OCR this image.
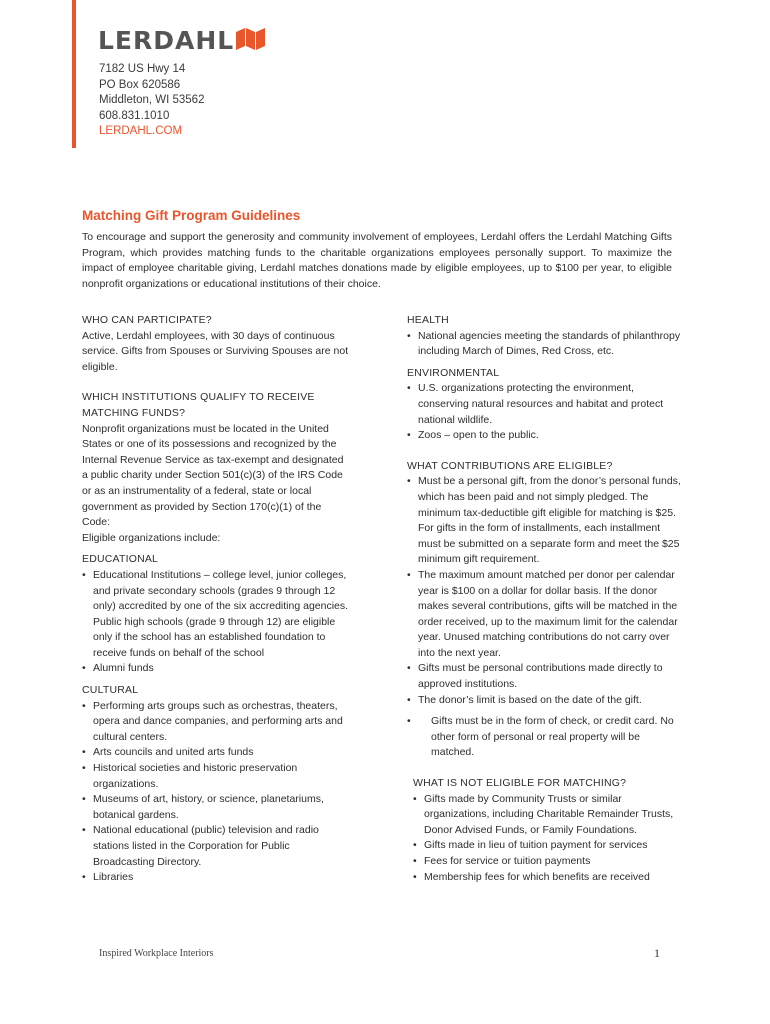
LERDAHL
7182 US Hwy 14
PO Box 620586
Middleton, WI 53562
608.831.1010
LERDAHL.COM
Matching Gift Program Guidelines
To encourage and support the generosity and community involvement of employees, Lerdahl offers the Lerdahl Matching Gifts Program, which provides matching funds to the charitable organizations employees personally support. To maximize the impact of employee charitable giving, Lerdahl matches donations made by eligible employees, up to $100 per year, to eligible nonprofit organizations or educational institutions of their choice.
WHO CAN PARTICIPATE?
Active, Lerdahl employees, with 30 days of continuous service. Gifts from Spouses or Surviving Spouses are not eligible.
WHICH INSTITUTIONS QUALIFY TO RECEIVE MATCHING FUNDS?
Nonprofit organizations must be located in the United States or one of its possessions and recognized by the Internal Revenue Service as tax-exempt and designated a public charity under Section 501(c)(3) of the IRS Code or as an instrumentality of a federal, state or local government as provided by Section 170(c)(1) of the Code:
Eligible organizations include:
EDUCATIONAL
• Educational Institutions – college level, junior colleges, and private secondary schools (grades 9 through 12 only) accredited by one of the six accrediting agencies. Public high schools (grade 9 through 12) are eligible only if the school has an established foundation to receive funds on behalf of the school
• Alumni funds
CULTURAL
• Performing arts groups such as orchestras, theaters, opera and dance companies, and performing arts and cultural centers.
• Arts councils and united arts funds
• Historical societies and historic preservation organizations.
• Museums of art, history, or science, planetariums, botanical gardens.
• National educational (public) television and radio stations listed in the Corporation for Public Broadcasting Directory.
• Libraries
HEALTH
• National agencies meeting the standards of philanthropy including March of Dimes, Red Cross, etc.
ENVIRONMENTAL
• U.S. organizations protecting the environment, conserving natural resources and habitat and protect national wildlife.
• Zoos – open to the public.
WHAT CONTRIBUTIONS ARE ELIGIBLE?
• Must be a personal gift, from the donor’s personal funds, which has been paid and not simply pledged. The minimum tax-deductible gift eligible for matching is $25. For gifts in the form of installments, each installment must be submitted on a separate form and meet the $25 minimum gift requirement.
• The maximum amount matched per donor per calendar year is $100 on a dollar for dollar basis. If the donor makes several contributions, gifts will be matched in the order received, up to the maximum limit for the calendar year. Unused matching contributions do not carry over into the next year.
• Gifts must be personal contributions made directly to approved institutions.
• The donor’s limit is based on the date of the gift.
• Gifts must be in the form of check, or credit card. No other form of personal or real property will be matched.
WHAT IS NOT ELIGIBLE FOR MATCHING?
• Gifts made by Community Trusts or similar organizations, including Charitable Remainder Trusts, Donor Advised Funds, or Family Foundations.
• Gifts made in lieu of tuition payment for services
• Fees for service or tuition payments
• Membership fees for which benefits are received
Inspired Workplace Interiors	1
